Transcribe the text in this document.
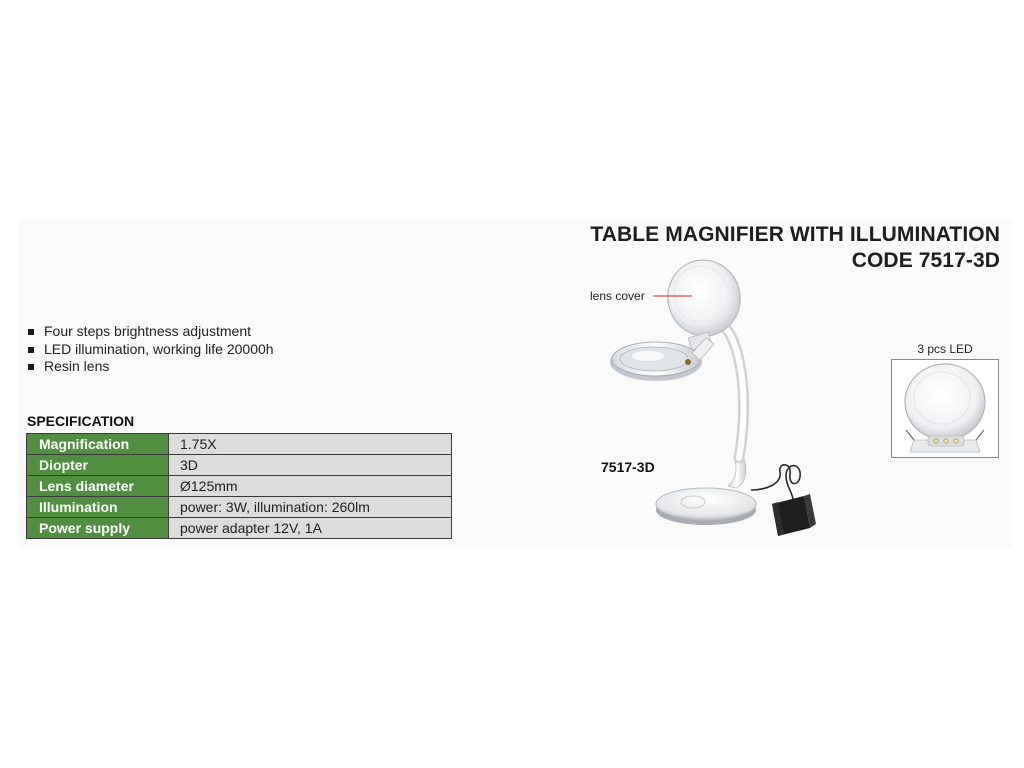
TABLE MAGNIFIER WITH ILLUMINATION
CODE 7517-3D
Four steps brightness adjustment
LED illumination, working life 20000h
Resin lens
SPECIFICATION
Magnification	1.75X
Diopter	3D
Lens diameter	Ø125mm
Illumination	power: 3W, illumination: 260lm
Power supply	power adapter 12V, 1A
lens cover
7517-3D
3 pcs LED
